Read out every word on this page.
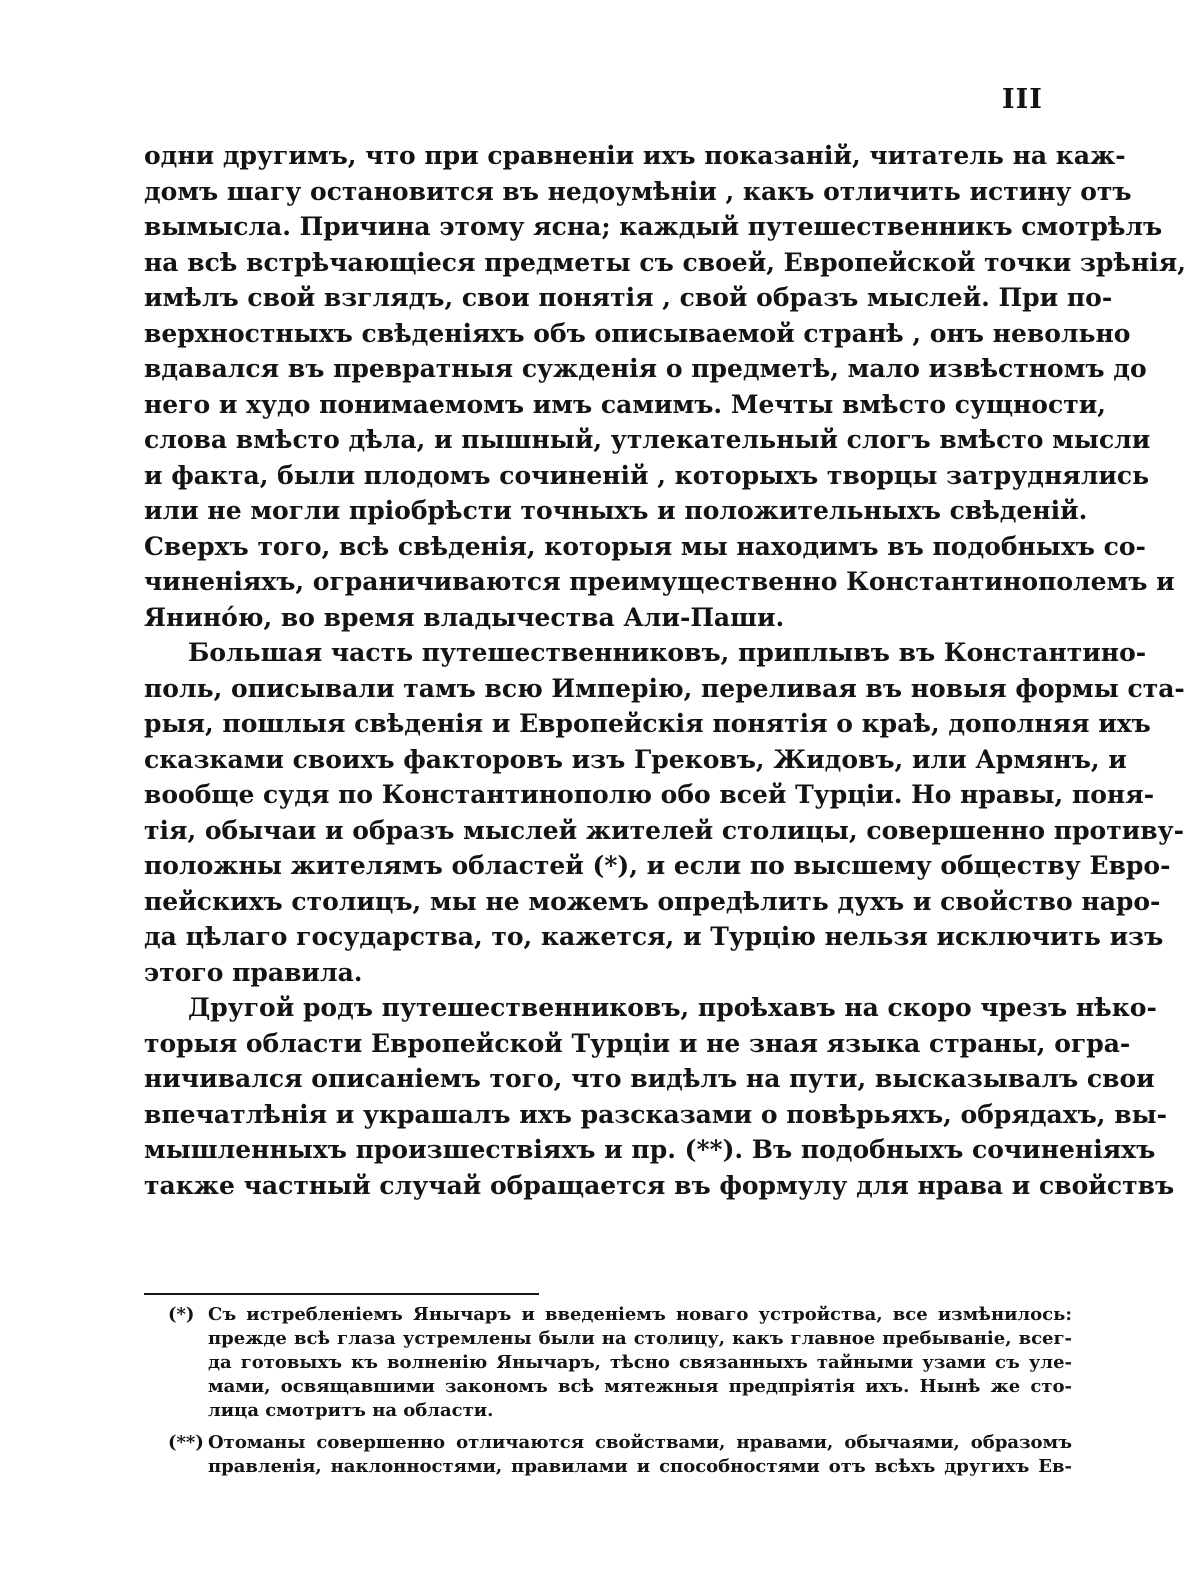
III
одни другимъ, что при сравненіи ихъ показаній, читатель на каж-
домъ шагу остановится въ недоумѣніи , какъ отличить истину отъ
вымысла. Причина этому ясна; каждый путешественникъ смотрѣлъ
на всѣ встрѣчающіеся предметы съ своей, Европейской точки зрѣнія,
имѣлъ свой взглядъ, свои понятія , свой образъ мыслей. При по-
верхностныхъ свѣденіяхъ объ описываемой странѣ , онъ невольно
вдавался въ превратныя сужденія о предметѣ, мало извѣстномъ до
него и худо понимаемомъ имъ самимъ. Мечты вмѣсто сущности,
слова вмѣсто дѣла, и пышный, утлекательный слогъ вмѣсто мысли
и факта, были плодомъ сочиненій , которыхъ творцы затруднялись
или не могли пріобрѣсти точныхъ и положительныхъ свѣденій.
Сверхъ того, всѣ свѣденія, которыя мы находимъ въ подобныхъ со-
чиненіяхъ, ограничиваются преимущественно Константинополемъ и
Янинóю, во время владычества Али-Паши.
Большая часть путешественниковъ, приплывъ въ Константино-
поль, описывали тамъ всю Имперію, переливая въ новыя формы ста-
рыя, пошлыя свѣденія и Европейскія понятія о краѣ, дополняя ихъ
сказками своихъ факторовъ изъ Грековъ, Жидовъ, или Армянъ, и
вообще судя по Константинополю обо всей Турціи. Но нравы, поня-
тія, обычаи и образъ мыслей жителей столицы, совершенно противу-
положны жителямъ областей (*), и если по высшему обществу Евро-
пейскихъ столицъ, мы не можемъ опредѣлить духъ и свойство наро-
да цѣлаго государства, то, кажется, и Турцію нельзя исключить изъ
этого правила.
Другой родъ путешественниковъ, проѣхавъ на скоро чрезъ нѣко-
торыя области Европейской Турціи и не зная языка страны, огра-
ничивался описаніемъ того, что видѣлъ на пути, высказывалъ свои
впечатлѣнія и украшалъ ихъ разсказами о повѣрьяхъ, обрядахъ, вы-
мышленныхъ произшествіяхъ и пр. (**). Въ подобныхъ сочиненіяхъ
также частный случай обращается въ формулу для нрава и свойствъ
(*) Съ истребленіемъ Янычаръ и введеніемъ новаго устройства, все измѣнилось:
прежде всѣ глаза устремлены были на столицу, какъ главное пребываніе, всег-
да готовыхъ къ волненію Янычаръ, тѣсно связанныхъ тайными узами съ уле-
мами, освящавшими закономъ всѣ мятежныя предпріятія ихъ. Нынѣ же сто-
лица смотритъ на области.
(**) Отоманы совершенно отличаются свойствами, нравами, обычаями, образомъ
правленія, наклонностями, правилами и способностями отъ всѣхъ другихъ Ев-
